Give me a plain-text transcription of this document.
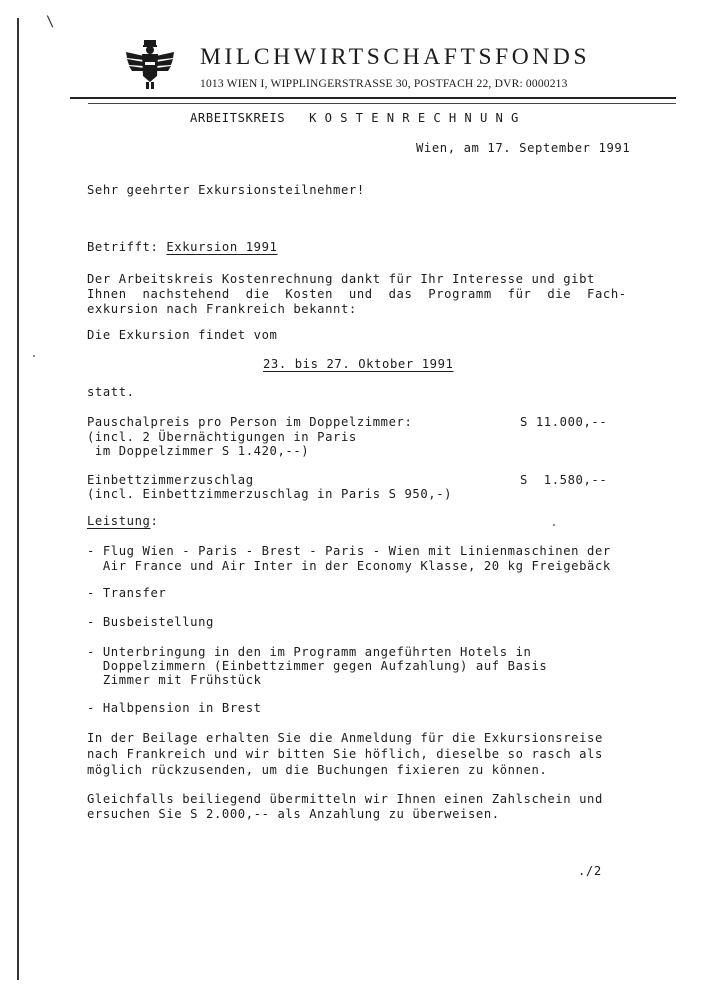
\
MILCHWIRTSCHAFTSFONDS
1013 WIEN I, WIPPLINGERSTRASSE 30, POSTFACH 22, DVR: 0000213
ARBEITSKREIS KOSTENRECHNUNG
Wien, am 17. September 1991
Sehr geehrter Exkursionsteilnehmer!
Betrifft: Exkursion 1991
Der Arbeitskreis Kostenrechnung dankt für Ihr Interesse und gibt
Ihnen  nachstehend  die  Kosten  und  das  Programm  für  die  Fach-
exkursion nach Frankreich bekannt:
Die Exkursion findet vom
23. bis 27. Oktober 1991
statt.
Pauschalpreis pro Person im Doppelzimmer:	S 11.000,--
(incl. 2 Übernächtigungen in Paris
im Doppelzimmer S 1.420,--)
Einbettzimmerzuschlag	S  1.580,--
(incl. Einbettzimmerzuschlag in Paris S 950,-)
Leistung:
- Flug Wien - Paris - Brest - Paris - Wien mit Linienmaschinen der
Air France und Air Inter in der Economy Klasse, 20 kg Freigebäck
- Transfer
- Busbeistellung
- Unterbringung in den im Programm angeführten Hotels in
Doppelzimmern (Einbettzimmer gegen Aufzahlung) auf Basis
Zimmer mit Frühstück
- Halbpension in Brest
In der Beilage erhalten Sie die Anmeldung für die Exkursionsreise
nach Frankreich und wir bitten Sie höflich, dieselbe so rasch als
möglich rückzusenden, um die Buchungen fixieren zu können.
Gleichfalls beiliegend übermitteln wir Ihnen einen Zahlschein und
ersuchen Sie S 2.000,-- als Anzahlung zu überweisen.
./2
